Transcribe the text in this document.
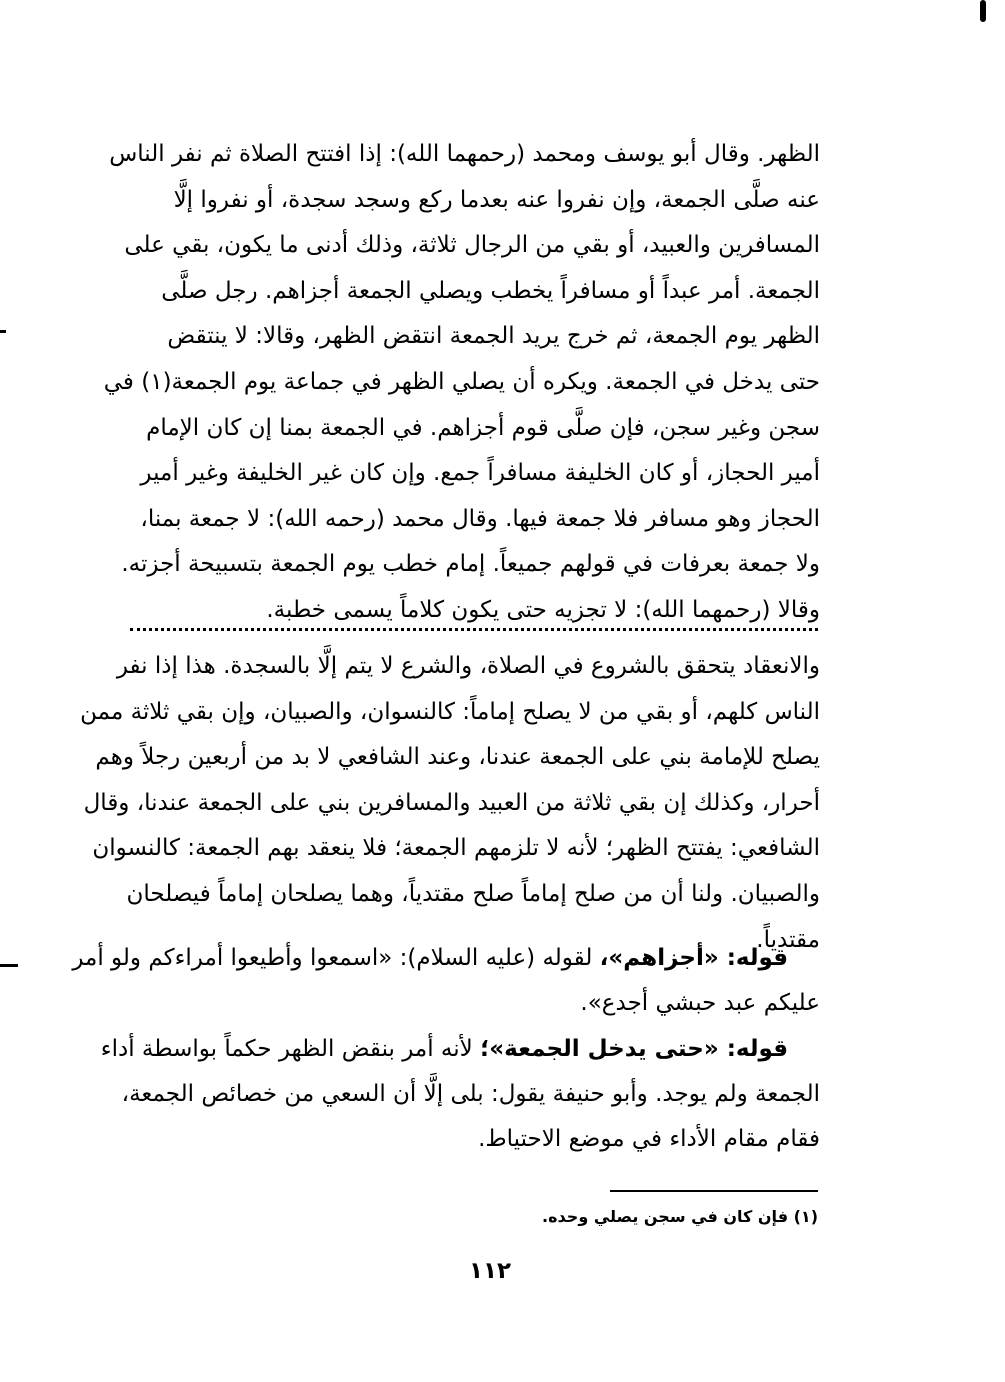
الظهر. وقال أبو يوسف ومحمد (رحمهما الله): إذا افتتح الصلاة ثم نفر الناس
عنه صلَّى الجمعة، وإن نفروا عنه بعدما ركع وسجد سجدة، أو نفروا إلَّا
المسافرين والعبيد، أو بقي من الرجال ثلاثة، وذلك أدنى ما يكون، بقي على
الجمعة. أمر عبداً أو مسافراً يخطب ويصلي الجمعة أجزاهم. رجل صلَّى
الظهر يوم الجمعة، ثم خرج يريد الجمعة انتقض الظهر، وقالا: لا ينتقض
حتى يدخل في الجمعة. ويكره أن يصلي الظهر في جماعة يوم الجمعة(١) في
سجن وغير سجن، فإن صلَّى قوم أجزاهم. في الجمعة بمنا إن كان الإمام
أمير الحجاز، أو كان الخليفة مسافراً جمع. وإن كان غير الخليفة وغير أمير
الحجاز وهو مسافر فلا جمعة فيها. وقال محمد (رحمه الله): لا جمعة بمنا،
ولا جمعة بعرفات في قولهم جميعاً. إمام خطب يوم الجمعة بتسبيحة أجزته.
وقالا (رحمهما الله): لا تجزيه حتى يكون كلاماً يسمى خطبة.
والانعقاد يتحقق بالشروع في الصلاة، والشرع لا يتم إلَّا بالسجدة. هذا إذا نفر
الناس كلهم، أو بقي من لا يصلح إماماً: كالنسوان، والصبيان، وإن بقي ثلاثة ممن
يصلح للإمامة بني على الجمعة عندنا، وعند الشافعي لا بد من أربعين رجلاً وهم
أحرار، وكذلك إن بقي ثلاثة من العبيد والمسافرين بني على الجمعة عندنا، وقال
الشافعي: يفتتح الظهر؛ لأنه لا تلزمهم الجمعة؛ فلا ينعقد بهم الجمعة: كالنسوان
والصبيان. ولنا أن من صلح إماماً صلح مقتدياً، وهما يصلحان إماماً فيصلحان
مقتدياً.
قوله: «أجزاهم»، لقوله (عليه السلام): «اسمعوا وأطيعوا أمراءكم ولو أمر
عليكم عبد حبشي أجدع».
قوله: «حتى يدخل الجمعة»؛ لأنه أمر بنقض الظهر حكماً بواسطة أداء
الجمعة ولم يوجد. وأبو حنيفة يقول: بلى إلَّا أن السعي من خصائص الجمعة،
فقام مقام الأداء في موضع الاحتياط.
(١) فإن كان في سجن يصلي وحده.
١١٢
